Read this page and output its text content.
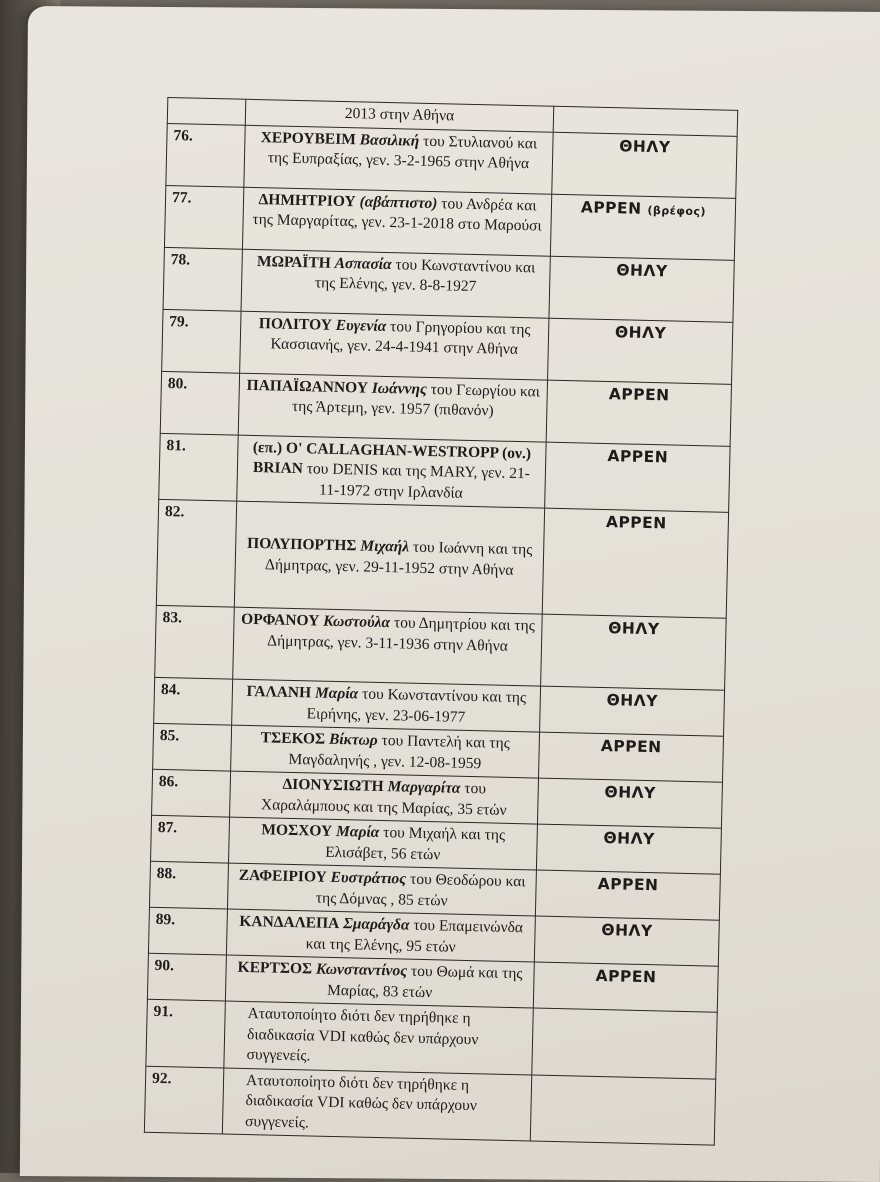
	2013 στην Αθήνα	
76.	ΧΕΡΟΥΒΕΙΜ Βασιλική του Στυλιανού και της Ευπραξίας, γεν. 3-2-1965 στην Αθήνα	ΘΗΛΥ
77.	ΔΗΜΗΤΡΙΟΥ (αβάπτιστο) του Ανδρέα και της Μαργαρίτας, γεν. 23-1-2018 στο Μαρούσι	ΑΡΡΕΝ (βρέφος)
78.	ΜΩΡΑΪΤΗ Ασπασία του Κωνσταντίνου και της Ελένης, γεν. 8-8-1927	ΘΗΛΥ
79.	ΠΟΛΙΤΟΥ Ευγενία του Γρηγορίου και της Κασσιανής, γεν. 24-4-1941 στην Αθήνα	ΘΗΛΥ
80.	ΠΑΠΑΪΩΑΝΝΟΥ Ιωάννης του Γεωργίου και της Άρτεμη, γεν. 1957 (πιθανόν)	ΑΡΡΕΝ
81.	(επ.) O' CALLAGHAN-WESTROPP (ον.) BRIAN του DENIS και της MARY, γεν. 21-11-1972 στην Ιρλανδία	ΑΡΡΕΝ
82.	ΠΟΛΥΠΟΡΤΗΣ Μιχαήλ του Ιωάννη και της Δήμητρας, γεν. 29-11-1952 στην Αθήνα	ΑΡΡΕΝ
83.	ΟΡΦΑΝΟΥ Κωστούλα του Δημητρίου και της Δήμητρας, γεν. 3-11-1936 στην Αθήνα	ΘΗΛΥ
84.	ΓΑΛΑΝΗ Μαρία του Κωνσταντίνου και της Ειρήνης, γεν. 23-06-1977	ΘΗΛΥ
85.	ΤΣΕΚΟΣ Βίκτωρ του Παντελή και της Μαγδαληνής , γεν. 12-08-1959	ΑΡΡΕΝ
86.	ΔΙΟΝΥΣΙΩΤΗ Μαργαρίτα του Χαραλάμπους και της Μαρίας, 35 ετών	ΘΗΛΥ
87.	ΜΟΣΧΟΥ Μαρία του Μιχαήλ και της Ελισάβετ, 56 ετών	ΘΗΛΥ
88.	ΖΑΦΕΙΡΙΟΥ Ευστράτιος του Θεοδώρου και της Δόμνας , 85 ετών	ΑΡΡΕΝ
89.	ΚΑΝΔΑΛΕΠΑ Σμαράγδα του Επαμεινώνδα και της Ελένης, 95 ετών	ΘΗΛΥ
90.	ΚΕΡΤΣΟΣ Κωνσταντίνος του Θωμά και της Μαρίας, 83 ετών	ΑΡΡΕΝ
91.	Αταυτοποίητο διότι δεν τηρήθηκε η διαδικασία VDI καθώς δεν υπάρχουν συγγενείς.	
92.	Αταυτοποίητο διότι δεν τηρήθηκε η διαδικασία VDI καθώς δεν υπάρχουν συγγενείς.	
